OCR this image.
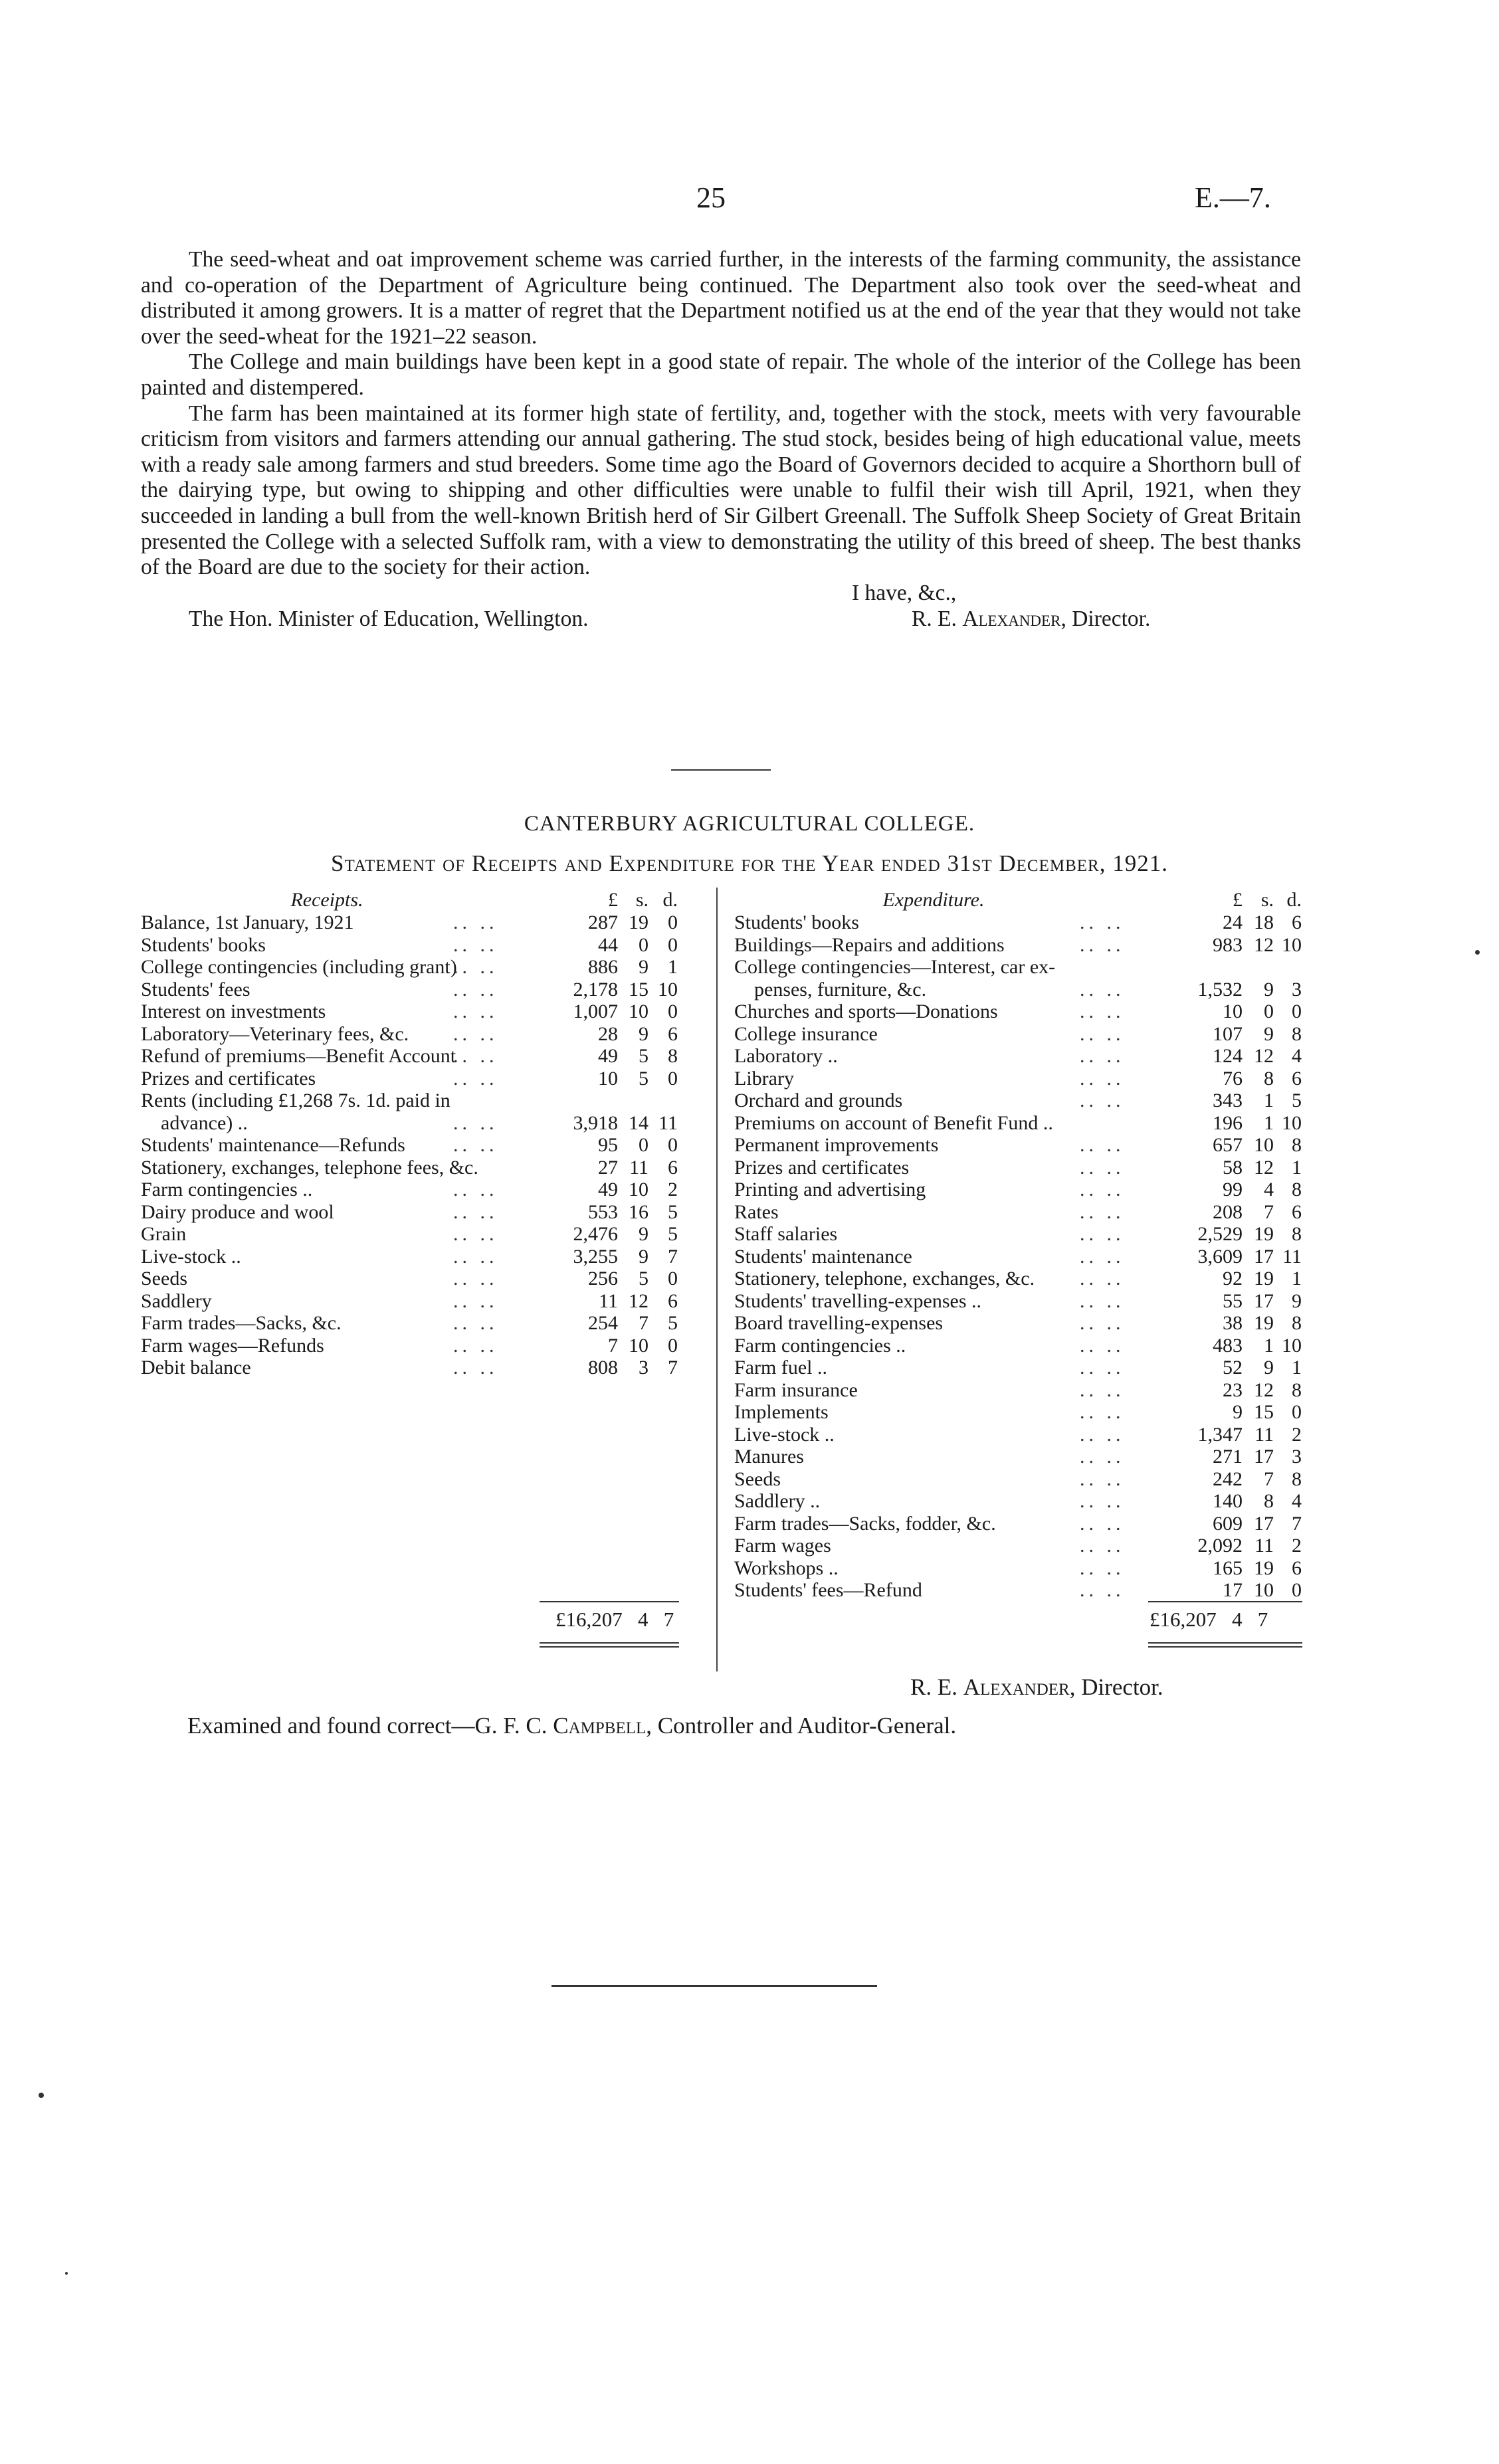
25	E.—7.

The seed-wheat and oat improvement scheme was carried further, in the interests of the farming community, the assistance and co-operation of the Department of Agriculture being continued. The Department also took over the seed-wheat and distributed it among growers. It is a matter of regret that the Department notified us at the end of the year that they would not take over the seed-wheat for the 1921–22 season.

The College and main buildings have been kept in a good state of repair. The whole of the interior of the College has been painted and distempered.

The farm has been maintained at its former high state of fertility, and, together with the stock, meets with very favourable criticism from visitors and farmers attending our annual gathering. The stud stock, besides being of high educational value, meets with a ready sale among farmers and stud breeders. Some time ago the Board of Governors decided to acquire a Shorthorn bull of the dairying type, but owing to shipping and other difficulties were unable to fulfil their wish till April, 1921, when they succeeded in landing a bull from the well-known British herd of Sir Gilbert Greenall. The Suffolk Sheep Society of Great Britain presented the College with a selected Suffolk ram, with a view to demonstrating the utility of this breed of sheep. The best thanks of the Board are due to the society for their action.

I have, &c.,
The Hon. Minister of Education, Wellington.	R. E. Alexander, Director.
CANTERBURY AGRICULTURAL COLLEGE.
Statement of Receipts and Expenditure for the Year ended 31st December, 1921.
Receipts.	£ s. d.
Balance, 1st January, 1921	.. ..	287 19 0
Students' books	.. ..	44	0 0
College contingencies (including grant)
.. ..	886	9 1
Students' fees	.. ..	2,178 15 10
Interest on investments	.. ..	1,007 10 0
Laboratory—Veterinary fees, &c.	.. ..	28	9 6
Refund of premiums—Benefit Account
.. ..	49	5 8
Prizes and certificates	.. ..	10	5 0
Rents (including £1,268 7s. 1d. paid in
advance) ..	.. ..	3,918 14 11
Students' maintenance—Refunds	.. ..	95	0 0
Stationery, exchanges, telephone fees, &c.	27 11 6
Farm contingencies ..	.. ..	49 10 2
Dairy produce and wool	.. ..	553 16 5
Grain	.. ..	2,476	9 5
Live-stock ..	.. ..	3,255	9 7
Seeds	.. ..	256	5 0
Saddlery	.. ..	11 12 6
Farm trades—Sacks, &c.	.. ..	254	7 5
Farm wages—Refunds	.. ..	7 10 0
Debit balance	.. ..	808	3 7
Expenditure.	£ s. d.
Students' books	.. ..	24 18 6
Buildings—Repairs and additions	.. ..	983 12 10
College contingencies—Interest, car ex-
penses, furniture, &c.	.. ..	1,532	9 3
Churches and sports—Donations	.. ..	10	0 0
College insurance	.. ..	107	9 8
Laboratory ..	.. ..	124 12 4
Library	.. ..	76	8 6
Orchard and grounds	.. ..	343	1 5
Premiums on account of Benefit Fund ..	196	1 10
Permanent improvements	.. ..	657 10 8
Prizes and certificates	.. ..	58 12 1
Printing and advertising	.. ..	99	4 8
Rates	.. ..	208	7 6
Staff salaries	.. ..	2,529 19 8
Students' maintenance	.. ..	3,609 17 11
Stationery, telephone, exchanges, &c.	.. ..	92 19 1
Students' travelling-expenses ..	.. ..	55 17 9
Board travelling-expenses	.. ..	38 19 8
Farm contingencies ..	.. ..	483	1 10
Farm fuel ..	.. ..	52	9 1
Farm insurance	.. ..	23 12 8
Implements	.. ..	9 15 0
Live-stock ..	.. ..	1,347 11 2
Manures	.. ..	271 17 3
Seeds	.. ..	242	7 8
Saddlery ..	.. ..	140	8 4
Farm trades—Sacks, fodder, &c.	.. ..	609 17 7
Farm wages	.. ..	2,092 11 2
Workshops ..	.. ..	165 19 6
Students' fees—Refund	.. ..	17 10 0
£16,207 4 7	£16,207 4 7
R. E. Alexander, Director.
Examined and found correct—G. F. C. Campbell, Controller and Auditor-General.
